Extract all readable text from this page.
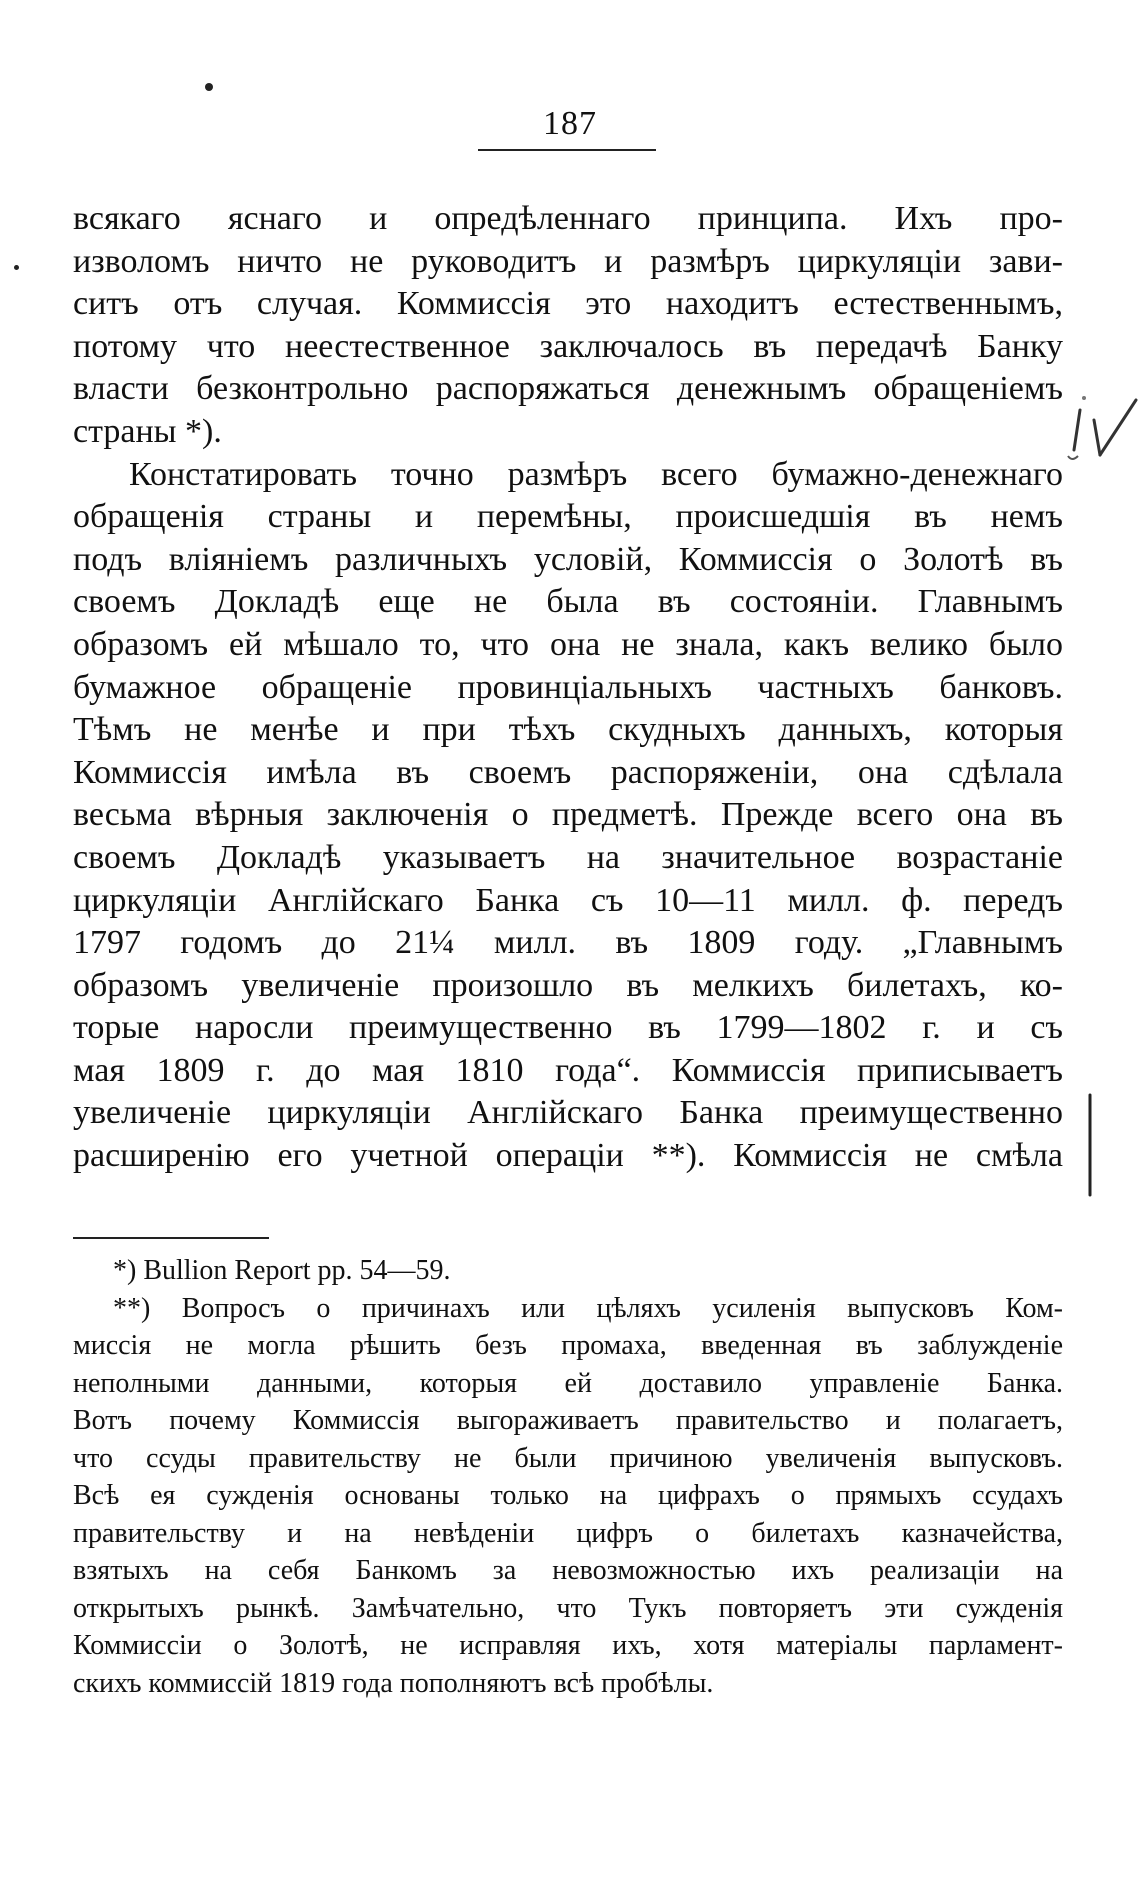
187
всякаго яснаго и опредѣленнаго принципа. Ихъ про-
изволомъ ничто не руководитъ и размѣръ циркуляціи зави-
ситъ отъ случая. Коммиссія это находитъ естественнымъ,
потому что неестественное заключалось въ передачѣ Банку
власти безконтрольно распоряжаться денежнымъ обращеніемъ
страны *).
Констатировать точно размѣръ всего бумажно-денежнаго
обращенія страны и перемѣны, происшедшія въ немъ
подъ вліяніемъ различныхъ условій, Коммиссія о Золотѣ въ
своемъ Докладѣ еще не была въ состояніи. Главнымъ
образомъ ей мѣшало то, что она не знала, какъ велико было
бумажное обращеніе провинціальныхъ частныхъ банковъ.
Тѣмъ не менѣе и при тѣхъ скудныхъ данныхъ, которыя
Коммиссія имѣла въ своемъ распоряженіи, она сдѣлала
весьма вѣрныя заключенія о предметѣ. Прежде всего она въ
своемъ Докладѣ указываетъ на значительное возрастаніе
циркуляціи Англійскаго Банка съ 10—11 милл. ф. передъ
1797 годомъ до 21¼ милл. въ 1809 году. „Главнымъ
образомъ увеличеніе произошло въ мелкихъ билетахъ, ко-
торые наросли преимущественно въ 1799—1802 г. и съ
мая 1809 г. до мая 1810 года“. Коммиссія приписываетъ
увеличеніе циркуляціи Англійскаго Банка преимущественно
расширенію его учетной операціи **). Коммиссія не смѣла
*) Bullion Report pp. 54—59.
**) Вопросъ о причинахъ или цѣляхъ усиленія выпусковъ Ком-
миссія не могла рѣшить безъ промаха, введенная въ заблужденіе
неполными данными, которыя ей доставило управленіе Банка.
Вотъ почему Коммиссія выгораживаетъ правительство и полагаетъ,
что ссуды правительству не были причиною увеличенія выпусковъ.
Всѣ ея сужденія основаны только на цифрахъ о прямыхъ ссудахъ
правительству и на невѣденіи цифръ о билетахъ казначейства,
взятыхъ на себя Банкомъ за невозможностью ихъ реализаціи на
открытыхъ рынкѣ. Замѣчательно, что Тукъ повторяетъ эти сужденія
Коммиссіи о Золотѣ, не исправляя ихъ, хотя матеріалы парламент-
скихъ коммиссій 1819 года пополняютъ всѣ пробѣлы.
